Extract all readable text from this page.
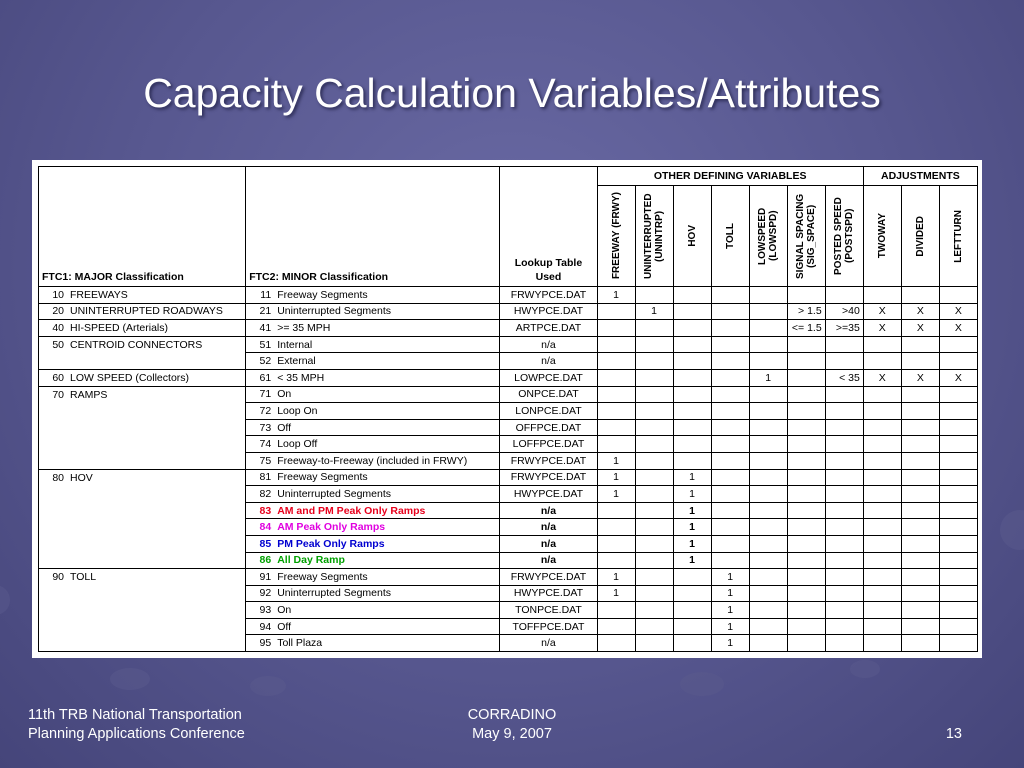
Capacity Calculation Variables/Attributes
FTC1: MAJOR Classification	FTC2: MINOR Classification	Lookup Table
Used	OTHER DEFINING VARIABLES							ADJUSTMENTS		

			FREEWAY (FRWY)	UNINTERRUPTED (UNINTRP)	HOV	TOLL	LOWSPEED (LOWSPD)	SIGNAL SPACING (SIG_SPACE)	POSTED SPEED (POSTSPD)	TWOWAY	DIVIDED	LEFTTURN

10 FREEWAYS	11 Freeway Segments	FRWYPCE.DAT	1									
20 UNINTERRUPTED ROADWAYS	21 Uninterrupted Segments	HWYPCE.DAT		1				> 1.5	>40	X	X	X
40 HI-SPEED (Arterials)	41 >= 35 MPH	ARTPCE.DAT						<= 1.5	>=35	X	X	X
50 CENTROID CONNECTORS	51 Internal	n/a										
	52 External	n/a										
60 LOW SPEED (Collectors)	61 < 35 MPH	LOWPCE.DAT					1		< 35	X	X	X
70 RAMPS	71 On	ONPCE.DAT										
	72 Loop On	LONPCE.DAT										
	73 Off	OFFPCE.DAT										
	74 Loop Off	LOFFPCE.DAT										
	75 Freeway-to-Freeway (included in FRWY)	FRWYPCE.DAT	1									
80 HOV	81 Freeway Segments	FRWYPCE.DAT	1		1							
	82 Uninterrupted Segments	HWYPCE.DAT	1		1							
	83 AM and PM Peak Only Ramps	n/a			1							
	84 AM Peak Only Ramps	n/a			1							
	85 PM Peak Only Ramps	n/a			1							
	86 All Day Ramp	n/a			1							
90 TOLL	91 Freeway Segments	FRWYPCE.DAT	1			1						
	92 Uninterrupted Segments	HWYPCE.DAT	1			1						
	93 On	TONPCE.DAT				1						
	94 Off	TOFFPCE.DAT				1						
	95 Toll Plaza	n/a				1						
11th TRB National Transportation
Planning Applications Conference
CORRADINO
May 9, 2007	13
